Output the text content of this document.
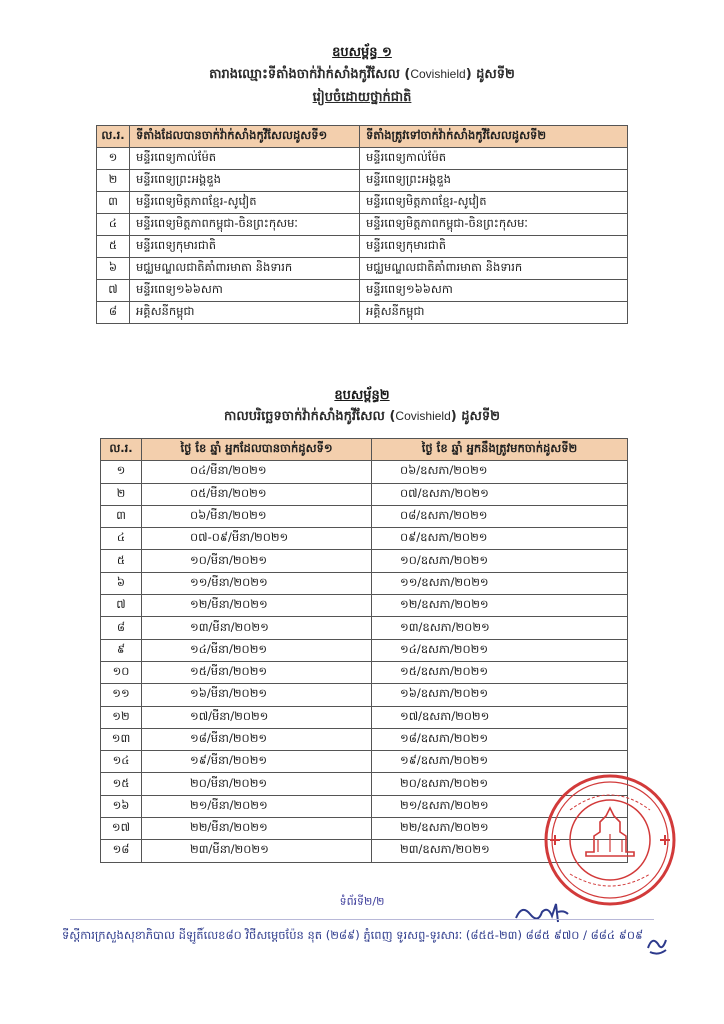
ឧបសម្ព័ន្ធ ១
តារាងឈ្មោះទីតាំងចាក់វ៉ាក់សាំងកូវីសែល (Covishield) ដូសទី២
រៀបចំដោយថ្នាក់ជាតិ
ល.រ.	ទីតាំងដែលបានចាក់វ៉ាក់សាំងកូវីសែលដូសទី១	ទីតាំងត្រូវទៅចាក់វ៉ាក់សាំងកូវីសែលដូសទី២
១	មន្ទីរពេទ្យកាល់ម៉ែត	មន្ទីរពេទ្យកាល់ម៉ែត
២	មន្ទីរពេទ្យព្រះអង្គឌួង	មន្ទីរពេទ្យព្រះអង្គឌួង
៣	មន្ទីរពេទ្យមិត្តភាពខ្មែរ-សូវៀត	មន្ទីរពេទ្យមិត្តភាពខ្មែរ-សូវៀត
៤	មន្ទីរពេទ្យមិត្តភាពកម្ពុជា-ចិនព្រះកុសមៈ	មន្ទីរពេទ្យមិត្តភាពកម្ពុជា-ចិនព្រះកុសមៈ
៥	មន្ទីរពេទ្យកុមារជាតិ	មន្ទីរពេទ្យកុមារជាតិ
៦	មជ្ឈមណ្ឌលជាតិគាំពារមាតា និងទារក	មជ្ឈមណ្ឌលជាតិគាំពារមាតា និងទារក
៧	មន្ទីរពេទ្យ១៦៦សកា	មន្ទីរពេទ្យ១៦៦សកា
៨	អគ្គិសនីកម្ពុជា	អគ្គិសនីកម្ពុជា
ឧបសម្ព័ន្ធ២
កាលបរិច្ឆេទចាក់វ៉ាក់សាំងកូវីសែល (Covishield) ដូសទី២
ល.រ.	ថ្ងៃ ខែ ឆ្នាំ អ្នកដែលបានចាក់ដូសទី១	ថ្ងៃ ខែ ឆ្នាំ អ្នកនឹងត្រូវមកចាក់ដូសទី២
១	០៤/មីនា/២០២១	០៦/ឧសភា/២០២១
២	០៥/មីនា/២០២១	០៧/ឧសភា/២០២១
៣	០៦/មីនា/២០២១	០៨/ឧសភា/២០២១
៤	០៧-០៩/មីនា/២០២១	០៩/ឧសភា/២០២១
៥	១០/មីនា/២០២១	១០/ឧសភា/២០២១
៦	១១/មីនា/២០២១	១១/ឧសភា/២០២១
៧	១២/មីនា/២០២១	១២/ឧសភា/២០២១
៨	១៣/មីនា/២០២១	១៣/ឧសភា/២០២១
៩	១៤/មីនា/២០២១	១៤/ឧសភា/២០២១
១០	១៥/មីនា/២០២១	១៥/ឧសភា/២០២១
១១	១៦/មីនា/២០២១	១៦/ឧសភា/២០២១
១២	១៧/មីនា/២០២១	១៧/ឧសភា/២០២១
១៣	១៨/មីនា/២០២១	១៨/ឧសភា/២០២១
១៤	១៩/មីនា/២០២១	១៩/ឧសភា/២០២១
១៥	២០/មីនា/២០២១	២០/ឧសភា/២០២១
១៦	២១/មីនា/២០២១	២១/ឧសភា/២០២១
១៧	២២/មីនា/២០២១	២២/ឧសភា/២០២១
១៨	២៣/មីនា/២០២១	២៣/ឧសភា/២០២១
ទំព័រទី២/២
ទីស្តីការក្រសួងសុខាភិបាល ដីឡូតិ៍លេខ៨០ វិថីសម្តេចប៉ែន នុត (២៨៩) ភ្នំពេញ ទូរសព្ទ-ទូរសារៈ (៨៥៥-២៣) ៨៨៥ ៩៧០ / ៨៨៤ ៩០៩
